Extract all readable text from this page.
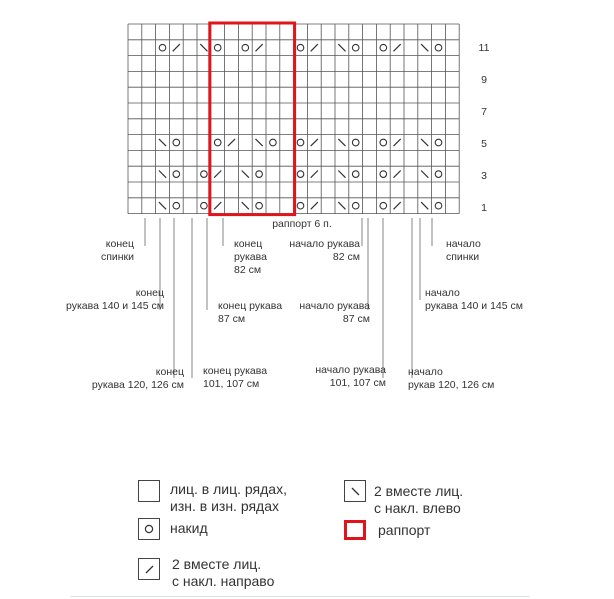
11
9
7
5
3
1
раппорт 6 п.
конец
спинки
конец
рукава 140 и 145 см
конец
рукава 120, 126 см
конец
рукава
82 см
конец рукава
87 см
конец рукава
101, 107 см
начало рукава
82 см
начало рукава
87 см
начало рукава
101, 107 см
начало
спинки
начало
рукава 140 и 145 см
начало
рукав 120, 126 см
лиц. в лиц. рядах,
изн. в изн. рядах
накид
2 вместе лиц.
с накл. направо
2 вместе лиц.
с накл. влево
раппорт
